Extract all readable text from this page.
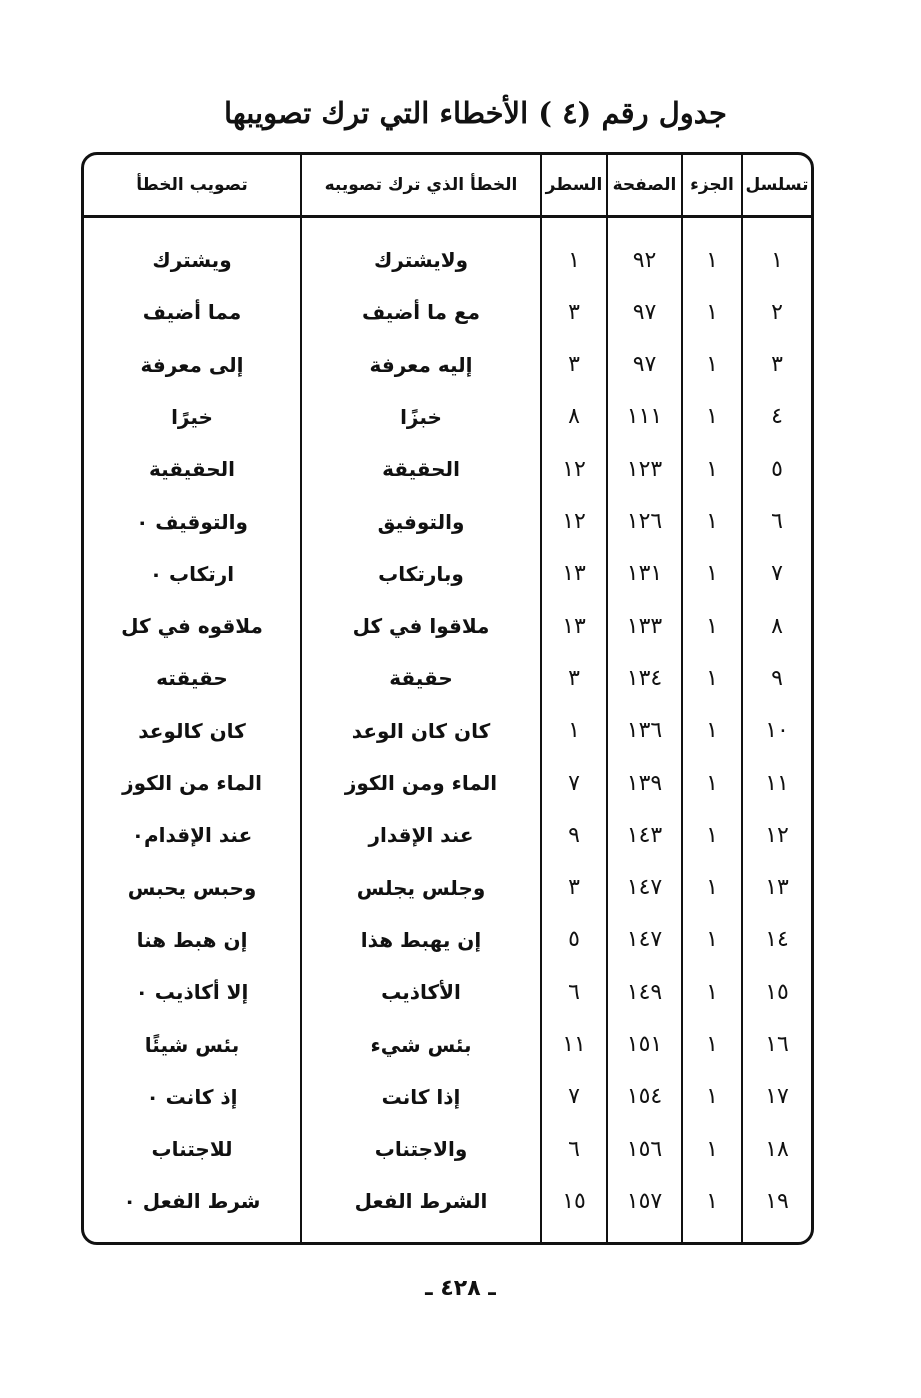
جدول رقم (٤ ) الأخطاء التي ترك تصويبها
تسلسل
الجزء
الصفحة
السطر
الخطأ الذي ترك تصويبه
تصويب الخطأ
١
١
٩٢
١
ولايشترك
ويشترك
٢
١
٩٧
٣
مع ما أضيف
مما أضيف
٣
١
٩٧
٣
إليه معرفة
إلى معرفة
٤
١
١١١
٨
خبزًا
خيرًا
٥
١
١٢٣
١٢
الحقيقة
الحقيقية
٦
١
١٢٦
١٢
والتوفيق
والتوقيف ٠
٧
١
١٣١
١٣
وبارتكاب
ارتكاب ٠
٨
١
١٣٣
١٣
ملاقوا في كل
ملاقوه في كل
٩
١
١٣٤
٣
حقيقة
حقيقته
١٠
١
١٣٦
١
كان كان الوعد
كان كالوعد
١١
١
١٣٩
٧
الماء ومن الكوز
الماء من الكوز
١٢
١
١٤٣
٩
عند الإقدار
عند الإقدام٠
١٣
١
١٤٧
٣
وجلس يجلس
وحبس يحبس
١٤
١
١٤٧
٥
إن يهبط هذا
إن هبط هنا
١٥
١
١٤٩
٦
الأكاذيب
إلا أكاذيب ٠
١٦
١
١٥١
١١
بئس شيء
بئس شيئًا
١٧
١
١٥٤
٧
إذا كانت
إذ كانت ٠
١٨
١
١٥٦
٦
والاجتناب
للاجتناب
١٩
١
١٥٧
١٥
الشرط الفعل
شرط الفعل ٠
ـ ٤٢٨ ـ
